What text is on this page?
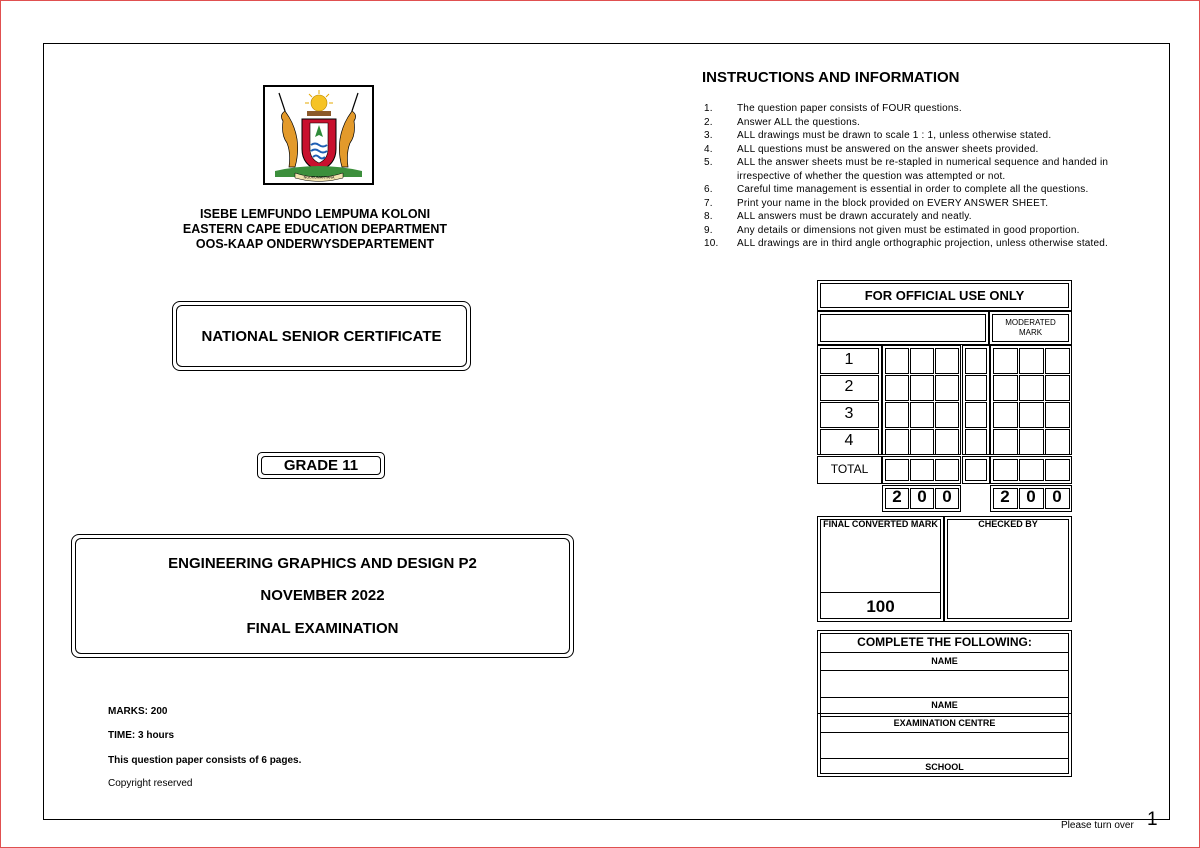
NGOKUMANYANA
ISEBE LEMFUNDO LEMPUMA KOLONI
EASTERN CAPE EDUCATION DEPARTMENT
OOS-KAAP ONDERWYSDEPARTEMENT
NATIONAL SENIOR CERTIFICATE
GRADE 11
ENGINEERING GRAPHICS AND DESIGN P2
NOVEMBER 2022
FINAL EXAMINATION
MARKS: 200
TIME: 3 hours
This question paper consists of 6 pages.
Copyright reserved
INSTRUCTIONS AND INFORMATION
1.	The question paper consists of FOUR questions.
2.	Answer ALL the questions.
3.	ALL drawings must be drawn to scale 1 : 1, unless otherwise stated.
4.	ALL questions must be answered on the answer sheets provided.
5.	ALL the answer sheets must be re-stapled in numerical sequence and handed in irrespective of whether the question was attempted or not.
6.	Careful time management is essential in order to complete all the questions.
7.	Print your name in the block provided on EVERY ANSWER SHEET.
8.	ALL answers must be drawn accurately and neatly.
9.	Any details or dimensions not given must be estimated in good proportion.
10.	ALL drawings are in third angle orthographic projection, unless otherwise stated.
FOR OFFICIAL USE ONLY
MODERATED MARK
1
2
3
4
TOTAL
2 0 0	2 0 0
FINAL CONVERTED MARK
100
CHECKED BY
COMPLETE THE FOLLOWING:
NAME
NAME
EXAMINATION CENTRE
SCHOOL
Please turn over 1
